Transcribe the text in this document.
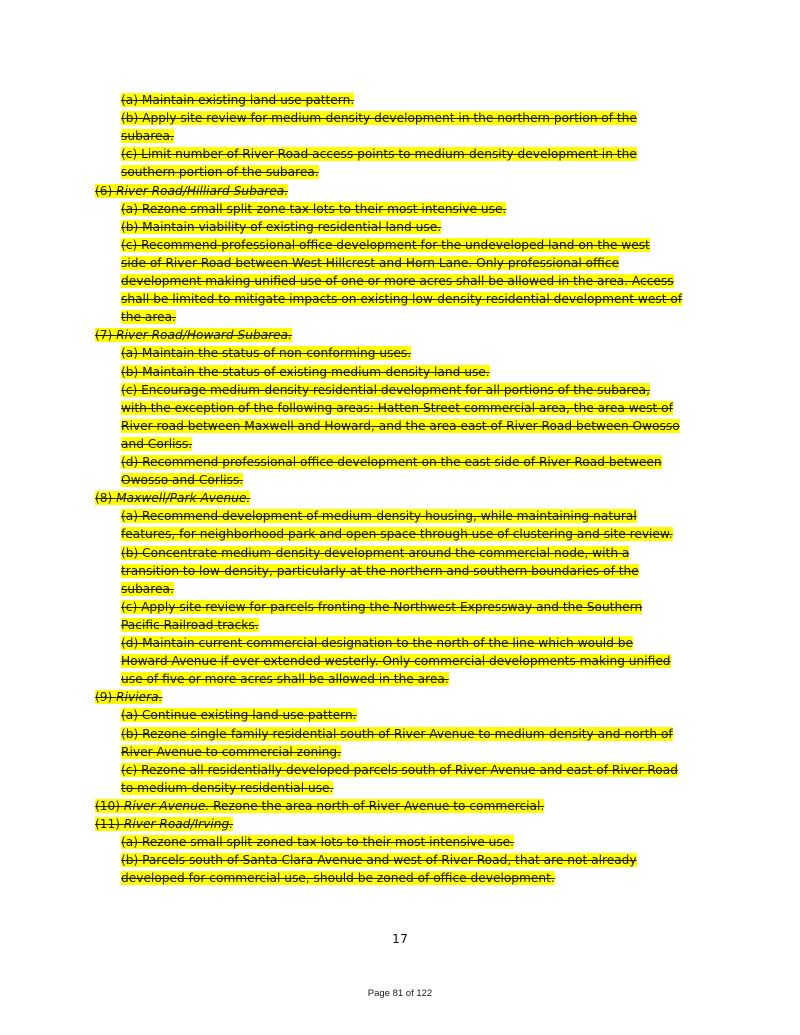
(a) Maintain existing land use pattern.
(b) Apply site review for medium-density development in the northern portion of the
subarea.
(c) Limit number of River Road access points to medium-density development in the
southern portion of the subarea.
(6) River Road/Hilliard Subarea.
(a) Rezone small split-zone tax lots to their most intensive use.
(b) Maintain viability of existing residential land use.
(c) Recommend professional office development for the undeveloped land on the west
side of River Road between West Hillcrest and Horn Lane. Only professional office
development making unified use of one or more acres shall be allowed in the area. Access
shall be limited to mitigate impacts on existing low-density residential development west of
the area.
(7) River Road/Howard Subarea.
(a) Maintain the status of non-conforming uses.
(b) Maintain the status of existing medium-density land use.
(c) Encourage medium-density residential development for all portions of the subarea,
with the exception of the following areas: Hatten Street commercial area, the area west of
River road between Maxwell and Howard, and the area east of River Road between Owosso
and Corliss.
(d) Recommend professional office development on the east side of River Road between
Owosso and Corliss.
(8) Maxwell/Park Avenue.
(a) Recommend development of medium-density housing, while maintaining natural
features, for neighborhood park and open space through use of clustering and site review.
(b) Concentrate medium-density development around the commercial node, with a
transition to low-density, particularly at the northern and southern boundaries of the
subarea.
(c) Apply site review for parcels fronting the Northwest Expressway and the Southern
Pacific Railroad tracks.
(d) Maintain current commercial designation to the north of the line which would be
Howard Avenue if ever extended westerly. Only commercial developments making unified
use of five or more acres shall be allowed in the area.
(9) Riviera.
(a) Continue existing land use pattern.
(b) Rezone single-family residential south of River Avenue to medium-density and north of
River Avenue to commercial zoning.
(c) Rezone all residentially developed parcels south of River Avenue and east of River Road
to medium-density residential use.
(10) River Avenue. Rezone the area north of River Avenue to commercial.
(11) River Road/Irving.
(a) Rezone small split-zoned tax lots to their most intensive use.
(b) Parcels south of Santa Clara Avenue and west of River Road, that are not already
developed for commercial use, should be zoned of office development.
17
Page 81 of 122
